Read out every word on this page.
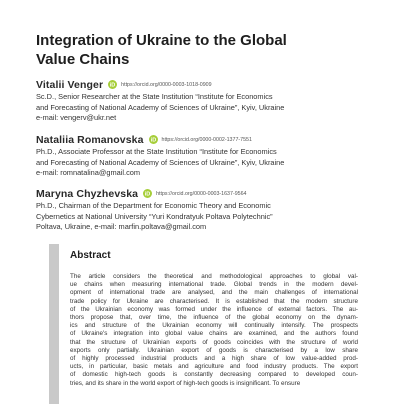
Integration of Ukraine to the Global
Value Chains
Vitalii Venger iD https://orcid.org/0000-0003-1018-0909
Sc.D., Senior Researcher at the State Institution “Institute for Economics
and Forecasting of National Academy of Sciences of Ukraine”, Kyiv, Ukraine
e-mail: vengerv@ukr.net
Nataliia Romanovska iD https://orcid.org/0000-0002-1377-7551
Ph.D., Associate Professor at the State Institution “Institute for Economics
and Forecasting of National Academy of Sciences of Ukraine”, Kyiv, Ukraine
e-mail: romnatalina@gmail.com
Maryna Chyzhevska iD https://orcid.org/0000-0003-1637-9564
Ph.D., Chairman of the Department for Economic Theory and Economic
Cybernetics at National University “Yuri Kondratyuk Poltava Polytechnic”
Poltava, Ukraine, e-mail: marfin.poltava@gmail.com
Abstract
The article considers the theoretical and methodological approaches to global val-
ue chains when measuring international trade. Global trends in the modern devel-
opment of international trade are analysed, and the main challenges of international
trade policy for Ukraine are characterised. It is established that the modern structure
of the Ukrainian economy was formed under the influence of external factors. The au-
thors propose that, over time, the influence of the global economy on the dynam-
ics and structure of the Ukrainian economy will continually intensify. The prospects
of Ukraine's integration into global value chains are examined, and the authors found
that the structure of Ukrainian exports of goods coincides with the structure of world
exports only partially. Ukrainian export of goods is characterised by a low share
of highly processed industrial products and a high share of low value-added prod-
ucts, in particular, basic metals and agriculture and food industry products. The export
of domestic high-tech goods is constantly decreasing compared to developed coun-
tries, and its share in the world export of high-tech goods is insignificant. To ensure
